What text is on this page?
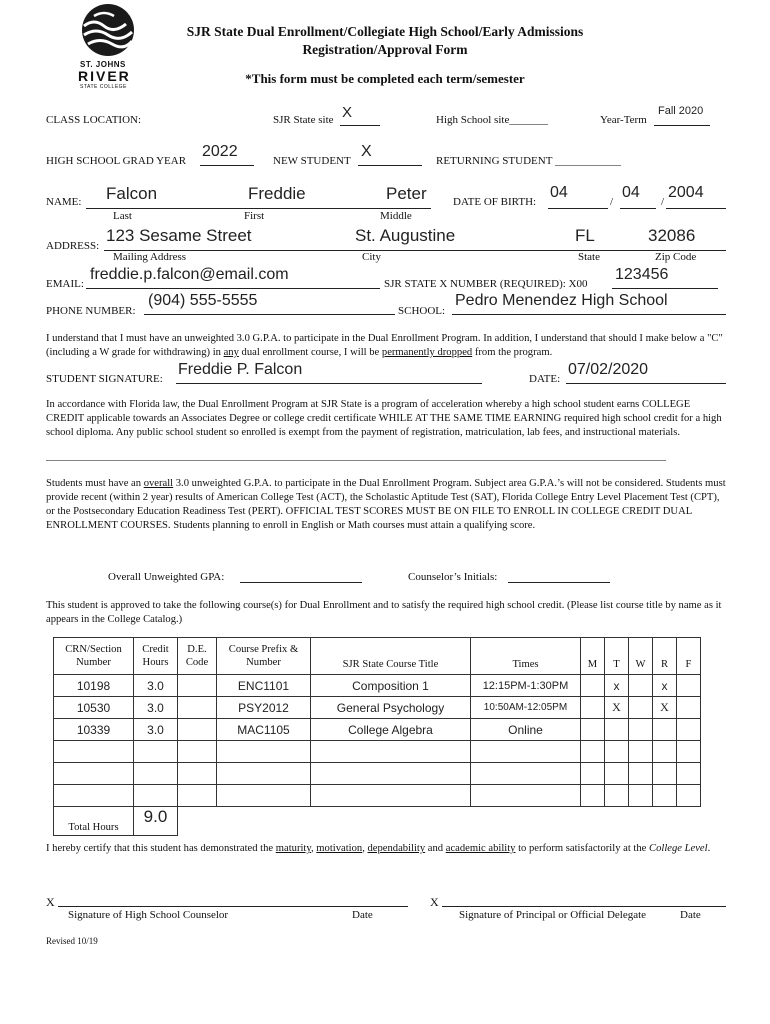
ST. JOHNS
RIVER
STATE COLLEGE
SJR State Dual Enrollment/Collegiate High School/Early Admissions
Registration/Approval Form
*This form must be completed each term/semester
CLASS LOCATION:	SJR State site X	High School site_______	Year-Term
Fall 2020
HIGH SCHOOL GRAD YEAR
2022
NEW STUDENT
X
RETURNING STUDENT ____________
NAME: Falcon	Freddie	Peter
Last	First	Middle
DATE OF BIRTH:
04
/
04
/
2004
ADDRESS:
123 Sesame Street	St. Augustine	FL	32086
Mailing Address	City	State	Zip Code
EMAIL:
freddie.p.falcon@email.com
SJR STATE X NUMBER (REQUIRED): X00
123456
PHONE NUMBER:
(904) 555-5555
SCHOOL:
Pedro Menendez High School
I understand that I must have an unweighted 3.0 G.P.A. to participate in the Dual Enrollment Program. In addition, I understand that should I make below a "C" (including a W grade for withdrawing) in any dual enrollment course, I will be permanently dropped from the program.
STUDENT SIGNATURE:
Freddie P. Falcon
DATE:
07/02/2020
In accordance with Florida law, the Dual Enrollment Program at SJR State is a program of acceleration whereby a high school student earns COLLEGE CREDIT applicable towards an Associates Degree or college credit certificate WHILE AT THE SAME TIME EARNING required high school credit for a high school diploma. Any public school student so enrolled is exempt from the payment of registration, matriculation, lab fees, and instructional materials.
——————————————————————————————————————————————————————————————
Students must have an overall 3.0 unweighted G.P.A. to participate in the Dual Enrollment Program. Subject area G.P.A.’s will not be considered. Students must provide recent (within 2 year) results of American College Test (ACT), the Scholastic Aptitude Test (SAT), Florida College Entry Level Placement Test (CPT), or the Postsecondary Education Readiness Test (PERT). OFFICIAL TEST SCORES MUST BE ON FILE TO ENROLL IN COLLEGE CREDIT DUAL ENROLLMENT COURSES. Students planning to enroll in English or Math courses must attain a qualifying score.
Overall Unweighted GPA:	Counselor’s Initials:
This student is approved to take the following course(s) for Dual Enrollment and to satisfy the required high school credit. (Please list course title by name as it appears in the College Catalog.)
CRN/Section Number	Credit Hours	D.E. Code	Course Prefix & Number	SJR State Course Title	Times	M	T	W	R	F
10198	3.0		ENC1101	Composition 1	12:15PM-1:30PM		x		x	
10530	3.0		PSY2012	General Psychology	10:50AM-12:05PM		X		X	
10339	3.0		MAC1105	College Algebra	Online					

Total Hours	9.0									
I hereby certify that this student has demonstrated the maturity, motivation, dependability and academic ability to perform satisfactorily at the College Level.
X
Signature of High School Counselor	Date
X
Signature of Principal or Official Delegate	Date
Revised 10/19
